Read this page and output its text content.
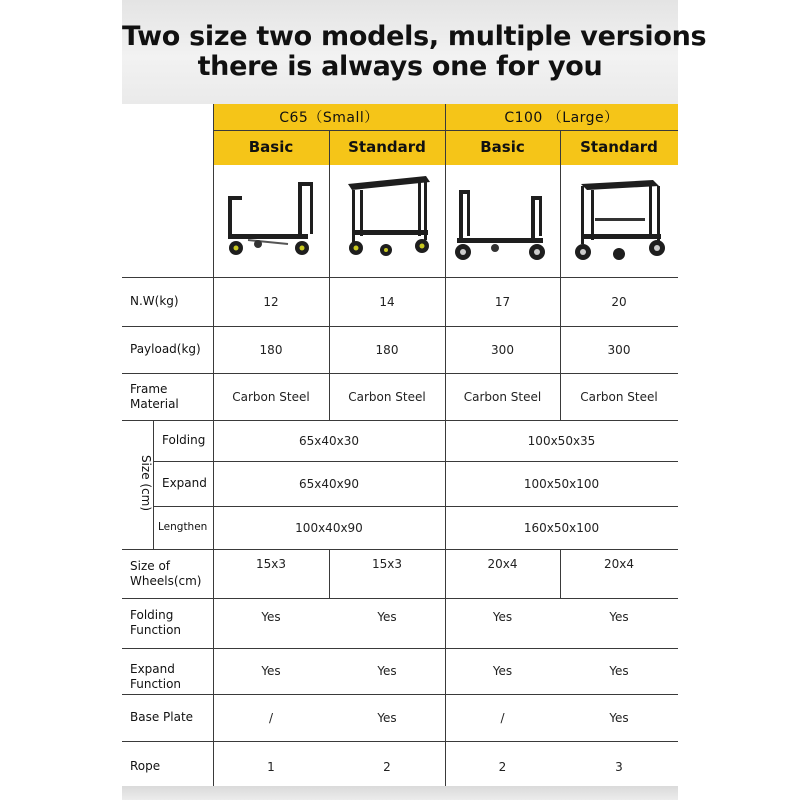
Two size two models, multiple versions
there is always one for you
C65（Small）	C100 （Large）
Basic	Standard	Basic	Standard
N.W(kg)	12	14	17	20
Payload(kg)	180	180	300	300
Frame
Material	Carbon Steel	Carbon Steel	Carbon Steel	Carbon Steel
Size (cm)
Folding	65x40x30	100x50x35
Expand	65x40x90	100x50x100
Lengthen	100x40x90	160x50x100
Size of
Wheels(cm)
15x3	15x3	20x4	20x4
Folding
Function
Yes	Yes	Yes	Yes
Expand
Function
Yes	Yes	Yes	Yes
Base Plate	/	Yes	/	Yes
Rope	1	2	2	3
